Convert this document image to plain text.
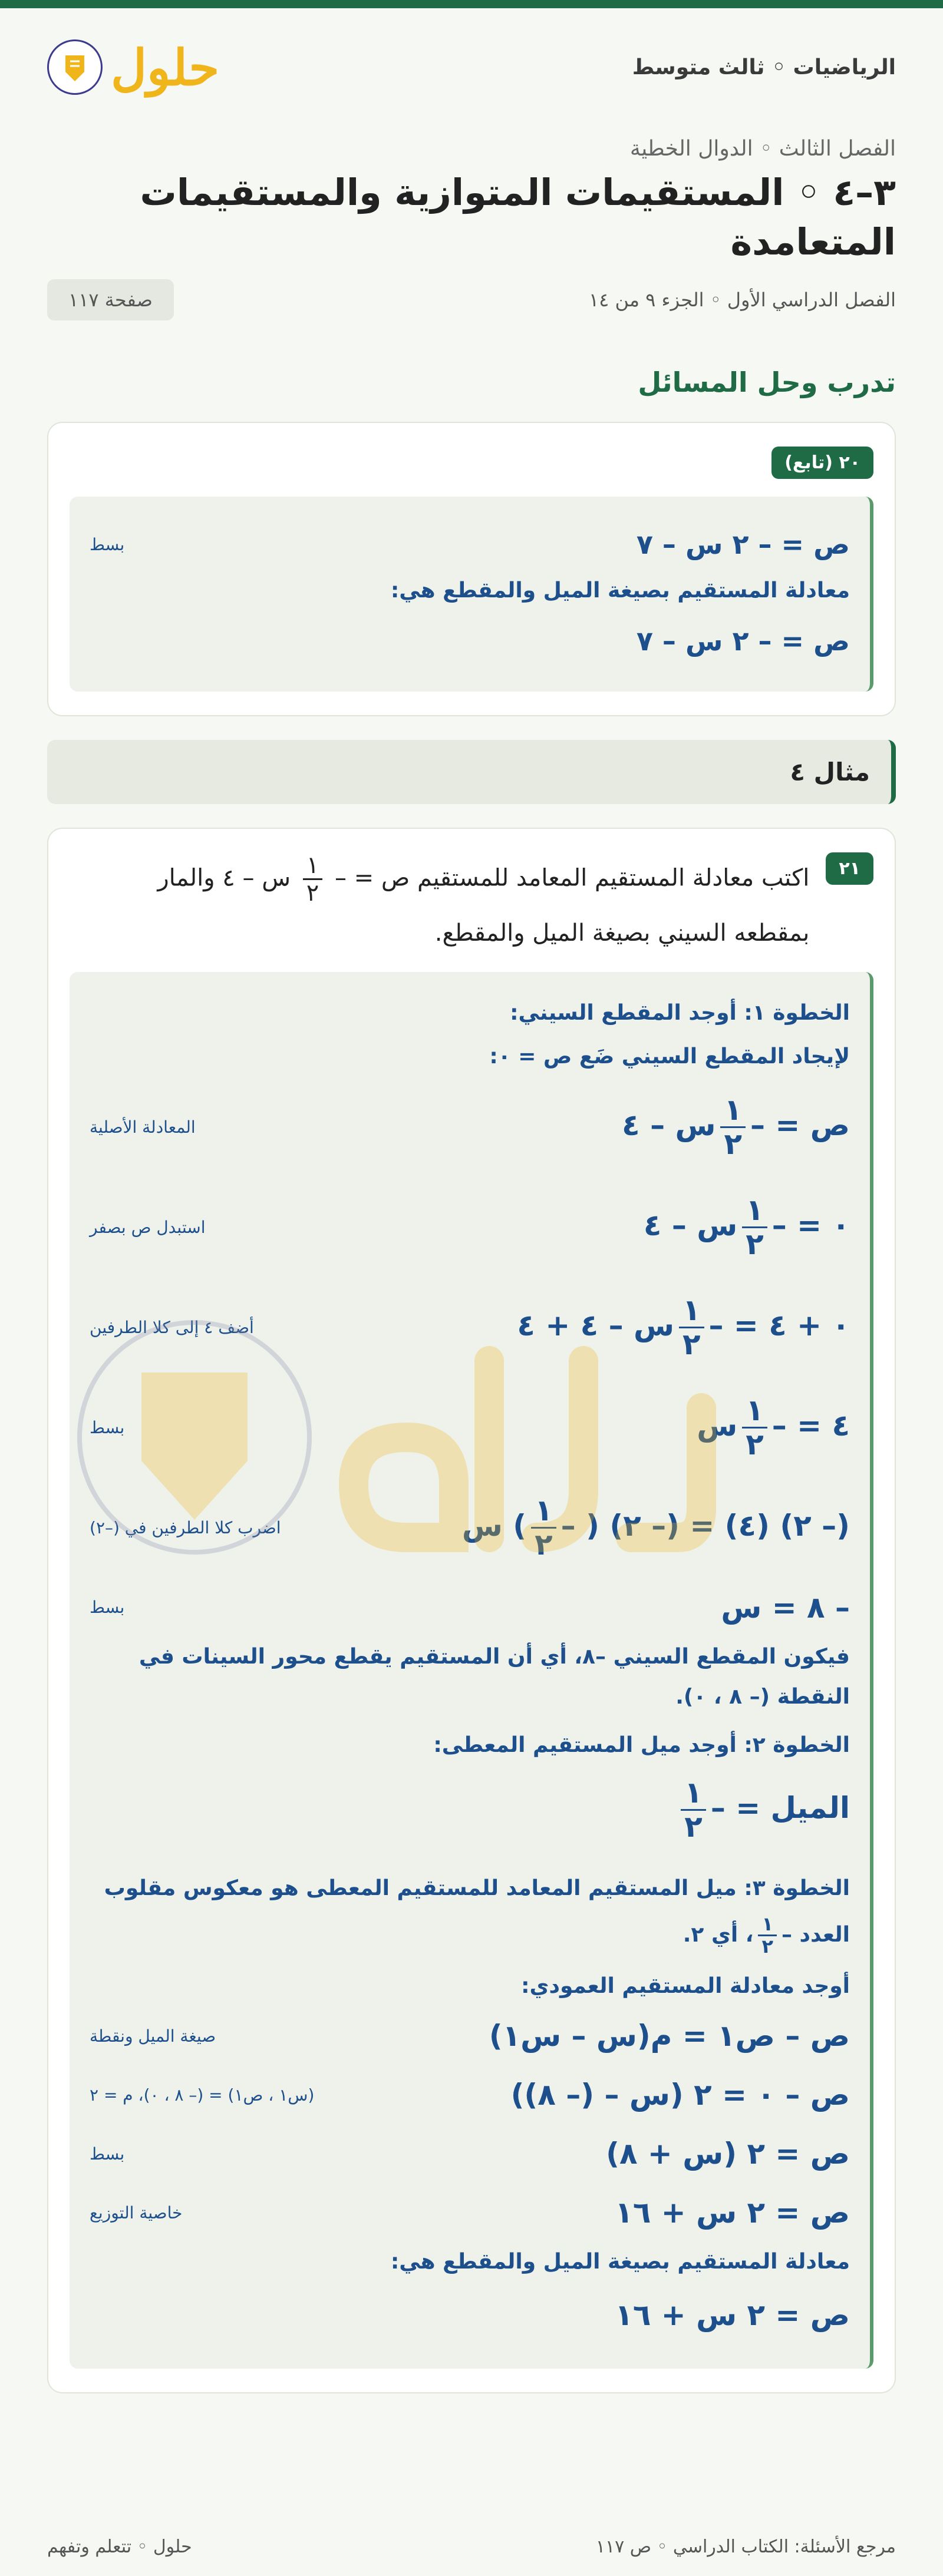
الرياضيات ◦ ثالث متوسط
حلول
الفصل الثالث ◦ الدوال الخطية
٣–٤ ◦ المستقيمات المتوازية والمستقيمات المتعامدة
الفصل الدراسي الأول ◦ الجزء ٩ من ١٤
صفحة ١١٧
تدرب وحل المسائل
٢٠ (تابع)
ص = – ٢ س – ٧
بسط
معادلة المستقيم بصيغة الميل والمقطع هي:
ص = – ٢ س – ٧
مثال ٤
٢١
اكتب معادلة المستقيم المعامد للمستقيم ص = –
$\frac{١}{٢}$
س – ٤ والمار
بمقطعه السيني بصيغة الميل والمقطع.
الخطوة ١: أوجد المقطع السيني:
لإيجاد المقطع السيني ضَع ص = ٠:
ص = –
$\frac{١}{٢}$
س – ٤
المعادلة الأصلية
٠ = –
$\frac{١}{٢}$
س – ٤
استبدل ص بصفر
٠ + ٤ = –
$\frac{١}{٢}$
س – ٤ + ٤
أضف ٤ إلى كلا الطرفين
٤ = –
$\frac{١}{٢}$
س
بسط
(– ٢) (٤) = (– ٢) ( –
$\frac{١}{٢}$
) س
اضرب كلا الطرفين في (–٢)
– ٨ = س
بسط
فيكون المقطع السيني –٨، أي أن المستقيم يقطع محور السينات في النقطة (– ٨ ، ٠).
الخطوة ٢: أوجد ميل المستقيم المعطى:
الميل = –
$\frac{١}{٢}$
الخطوة ٣: ميل المستقيم المعامد للمستقيم المعطى هو معكوس مقلوب العدد –
$\frac{١}{٢}$
، أي ٢.
أوجد معادلة المستقيم العمودي:
ص – ص١ = م(س – س١)
صيغة الميل ونقطة
ص – ٠ = ٢ (س – (– ٨))
(س١ ، ص١) = (– ٨ ، ٠)، م = ٢
ص = ٢ (س + ٨)
بسط
ص = ٢ س + ١٦
خاصية التوزيع
معادلة المستقيم بصيغة الميل والمقطع هي:
ص = ٢ س + ١٦
مرجع الأسئلة: الكتاب الدراسي ◦ ص ١١٧
حلول ◦ تتعلم وتفهم
